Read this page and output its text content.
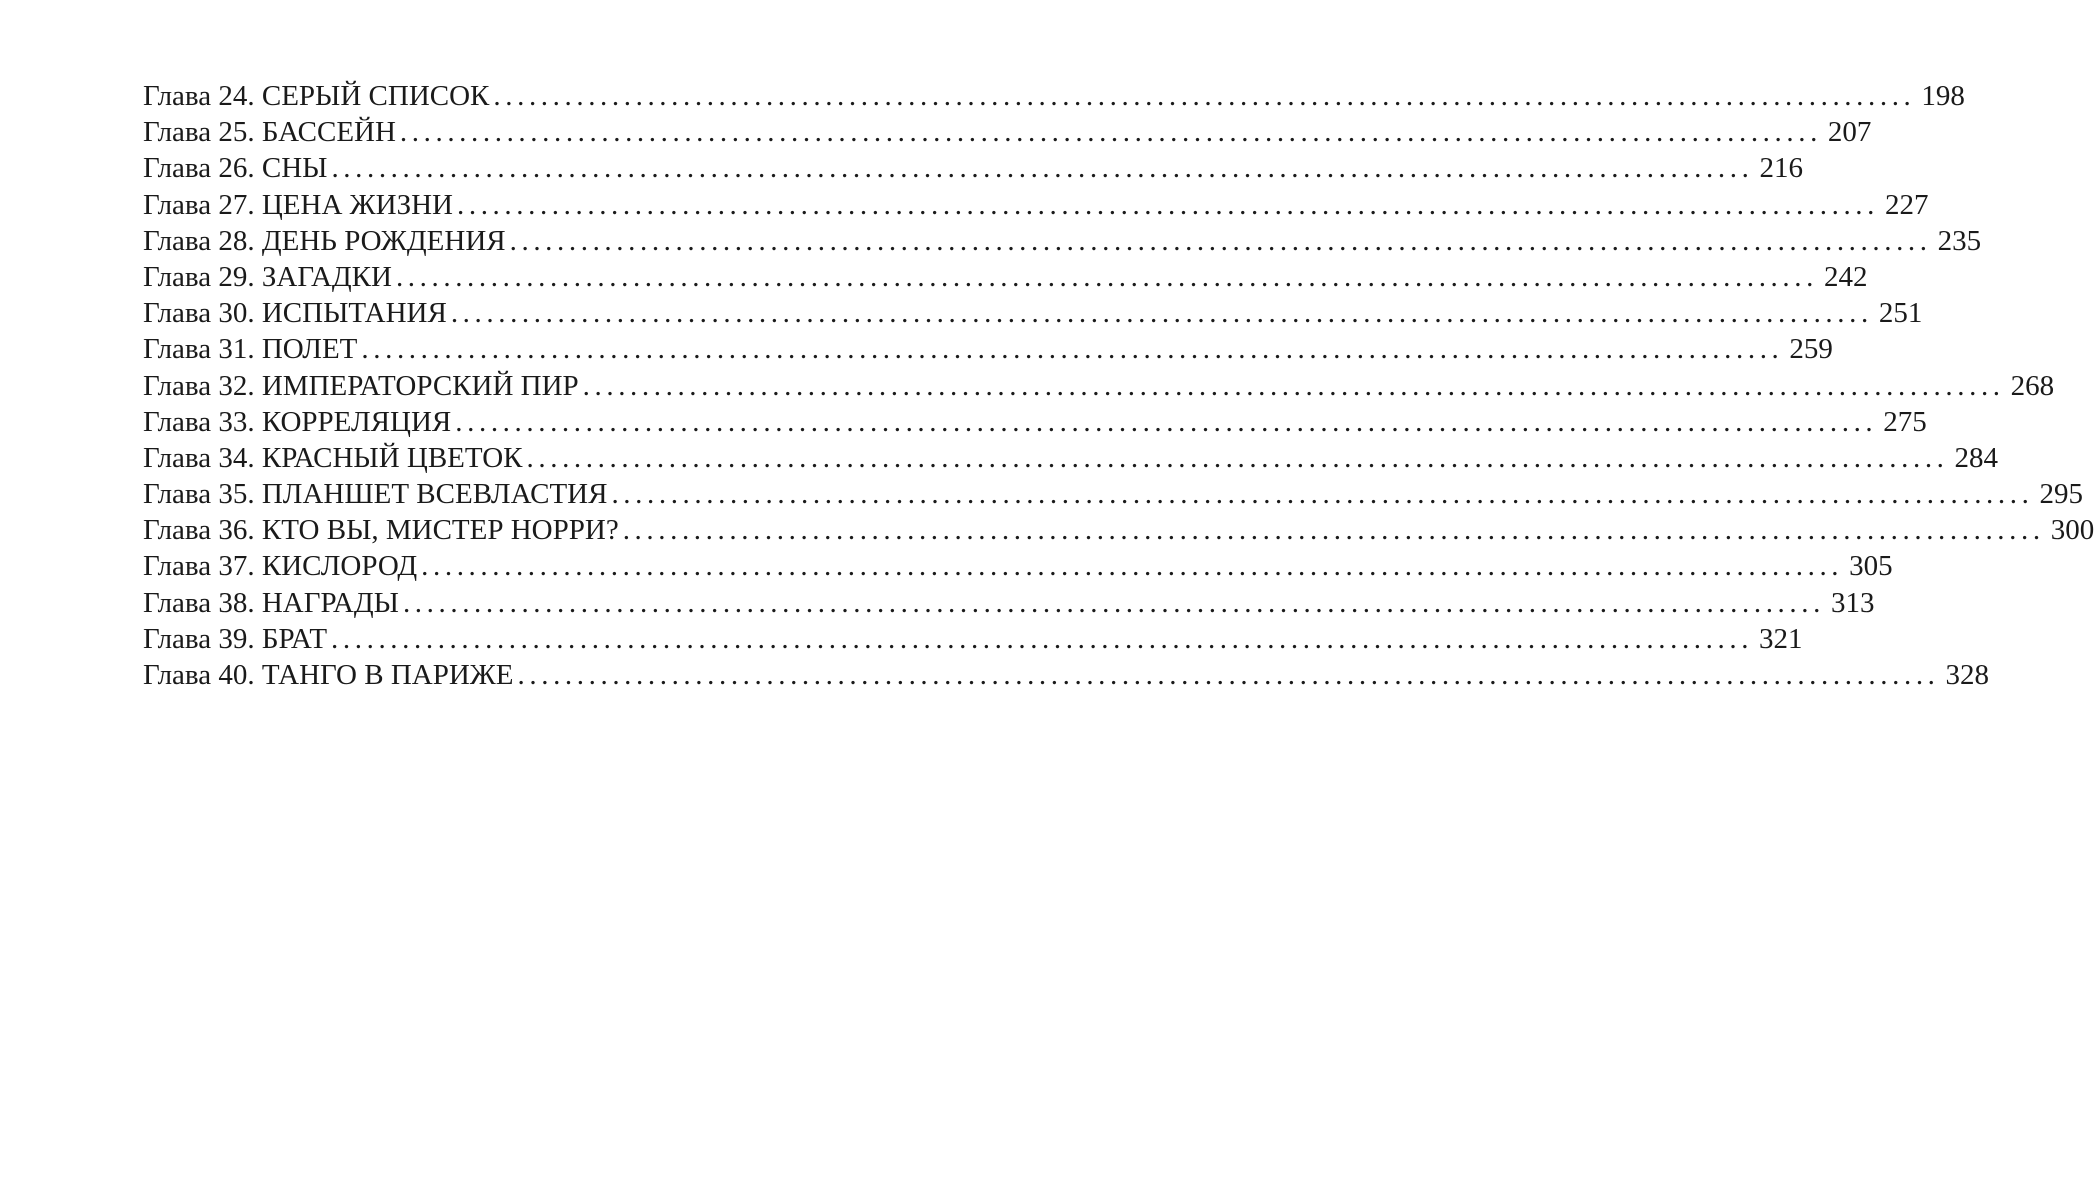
Глава 24. СЕРЫЙ СПИСОК ........................................................................................................................ 198
Глава 25. БАССЕЙН ........................................................................................................................ 207
Глава 26. СНЫ ........................................................................................................................ 216
Глава 27. ЦЕНА ЖИЗНИ ........................................................................................................................ 227
Глава 28. ДЕНЬ РОЖДЕНИЯ ........................................................................................................................ 235
Глава 29. ЗАГАДКИ ........................................................................................................................ 242
Глава 30. ИСПЫТАНИЯ ........................................................................................................................ 251
Глава 31. ПОЛЕТ ........................................................................................................................ 259
Глава 32. ИМПЕРАТОРСКИЙ ПИР ........................................................................................................................ 268
Глава 33. КОРРЕЛЯЦИЯ ........................................................................................................................ 275
Глава 34. КРАСНЫЙ ЦВЕТОК ........................................................................................................................ 284
Глава 35. ПЛАНШЕТ ВСЕВЛАСТИЯ ........................................................................................................................ 295
Глава 36. КТО ВЫ, МИСТЕР НОРРИ? ........................................................................................................................ 300
Глава 37. КИСЛОРОД ........................................................................................................................ 305
Глава 38. НАГРАДЫ ........................................................................................................................ 313
Глава 39. БРАТ ........................................................................................................................ 321
Глава 40. ТАНГО В ПАРИЖЕ ........................................................................................................................ 328
